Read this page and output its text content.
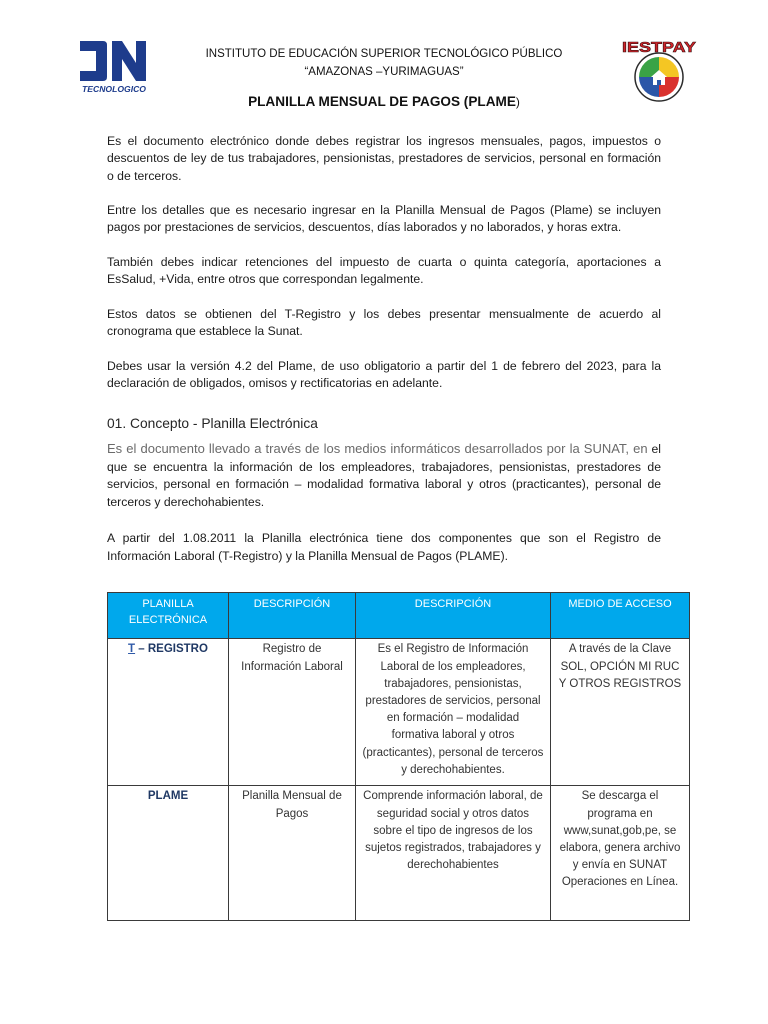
TECNOLOGICO
INSTITUTO DE EDUCACIÓN SUPERIOR TECNOLÓGICO PÚBLICO
“AMAZONAS –YURIMAGUAS”
IESTPAY
PLANILLA MENSUAL DE PAGOS (PLAME)

Es el documento electrónico donde debes registrar los ingresos mensuales, pagos, impuestos o descuentos de ley de tus trabajadores, pensionistas, prestadores de servicios, personal en formación o de terceros.

Entre los detalles que es necesario ingresar en la Planilla Mensual de Pagos (Plame) se incluyen pagos por prestaciones de servicios, descuentos, días laborados y no laborados, y horas extra.

También debes indicar retenciones del impuesto de cuarta o quinta categoría, aportaciones a EsSalud, +Vida, entre otros que correspondan legalmente.

Estos datos se obtienen del T-Registro y los debes presentar mensualmente de acuerdo al cronograma que establece la Sunat.

Debes usar la versión 4.2 del Plame, de uso obligatorio a partir del 1 de febrero del 2023, para la declaración de obligados, omisos y rectificatorias en adelante.

01. Concepto - Planilla Electrónica

Es el documento llevado a través de los medios informáticos desarrollados por la SUNAT, en el que se encuentra la información de los empleadores, trabajadores, pensionistas, prestadores de servicios, personal en formación – modalidad formativa laboral y otros (practicantes), personal de terceros y derechohabientes.

A partir del 1.08.2011 la Planilla electrónica tiene dos componentes que son el Registro de Información Laboral (T-Registro) y la Planilla Mensual de Pagos (PLAME).

PLANILLA ELECTRÓNICA	DESCRIPCIÓN	DESCRIPCIÓN	MEDIO DE ACCESO
T – REGISTRO	Registro de Información Laboral	Es el Registro de Información Laboral de los empleadores, trabajadores, pensionistas, prestadores de servicios, personal en formación – modalidad formativa laboral y otros (practicantes), personal de terceros y derechohabientes.	A través de la Clave SOL, OPCIÓN MI RUC Y OTROS REGISTROS
PLAME	Planilla Mensual de Pagos	Comprende información laboral, de seguridad social y otros datos sobre el tipo de ingresos de los sujetos registrados, trabajadores y derechohabientes	Se descarga el programa en www,sunat,gob,pe, se elabora, genera archivo y envía en SUNAT Operaciones en Línea.
